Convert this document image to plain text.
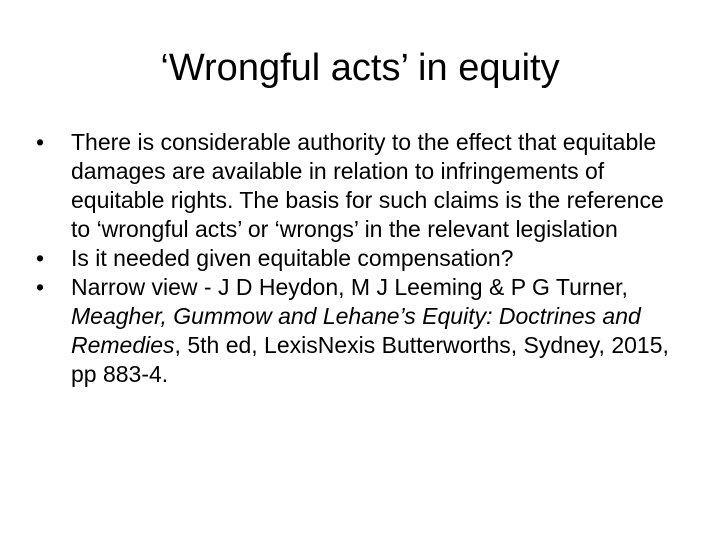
‘Wrongful acts’ in equity
•	There is considerable authority to the effect that equitable damages are available in relation to infringements of equitable rights. The basis for such claims is the reference to ‘wrongful acts’ or ‘wrongs’ in the relevant legislation
•	Is it needed given equitable compensation?
•	Narrow view - J D Heydon, M J Leeming & P G Turner, Meagher, Gummow and Lehane’s Equity: Doctrines and Remedies, 5th ed, LexisNexis Butterworths, Sydney, 2015, pp 883-4.
